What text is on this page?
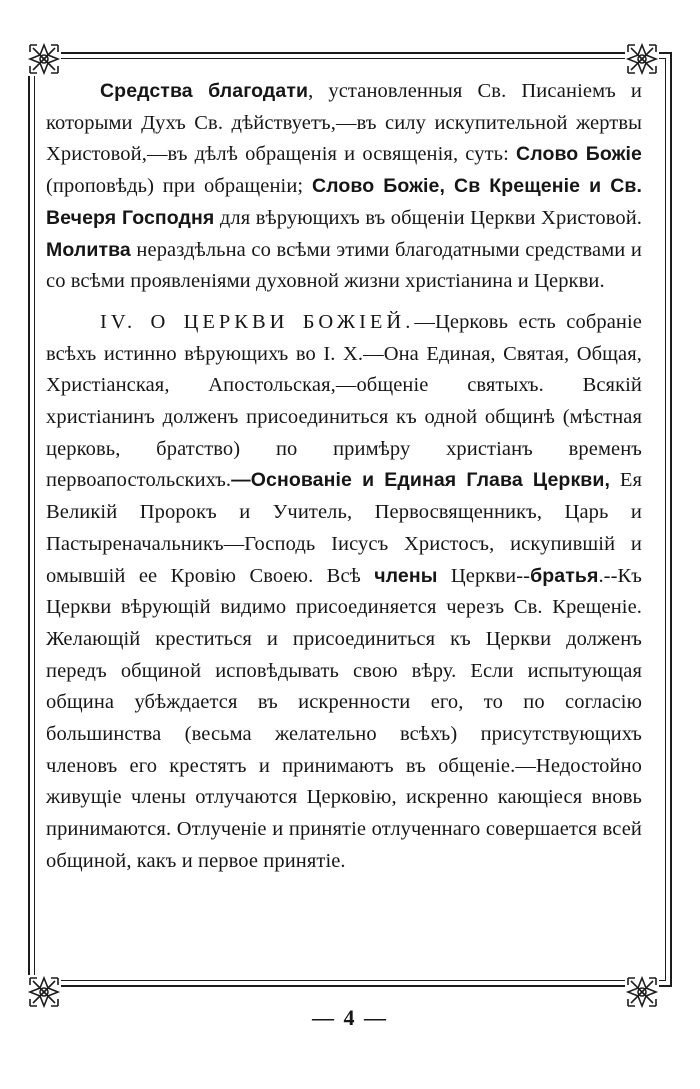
Средства благодати, установленныя Св. Писаніемъ и которыми Духъ Св. дѣйствуетъ,—въ силу искупительной жертвы Христовой,—въ дѣлѣ обращенія и освященія, суть: Слово Божіе (проповѣдь) при обращеніи; Слово Божіе, Св Крещеніе и Св. Вечеря Господня для вѣрующихъ въ общеніи Церкви Христовой. Молитва нераздѣльна со всѣми этими благодатными средствами и со всѣми проявленіями духовной жизни христіанина и Церкви.

IV. О ЦЕРКВИ БОЖІЕЙ.—Церковь есть собраніе всѣхъ истинно вѣрующихъ во І. Х.—Она Единая, Святая, Общая, Христіанская, Апостольская,—общеніе святыхъ. Всякій христіанинъ долженъ присоединиться къ одной общинѣ (мѣстная церковь, братство) по примѣру христіанъ временъ первоапостольскихъ.—Основаніе и Единая Глава Церкви, Ея Великій Пророкъ и Учитель, Первосвященникъ, Царь и Пастыреначальникъ—Господь Іисусъ Христосъ, искупившій и омывшій ее Кровію Своею. Всѣ члены Церкви--братья.--Къ Церкви вѣрующій видимо присоединяется черезъ Св. Крещеніе. Желающій креститься и присоединиться къ Церкви долженъ передъ общиной исповѣдывать свою вѣру. Если испытующая община убѣждается въ искренности его, то по согласію большинства (весьма желательно всѣхъ) присутствующихъ членовъ его крестятъ и принимаютъ въ общеніе.—Недостойно живущіе члены отлучаются Церковію, искренно кающіеся вновь принимаются. Отлученіе и принятіе отлученнаго совершается всей общиной, какъ и первое принятіе.

— 4 —
